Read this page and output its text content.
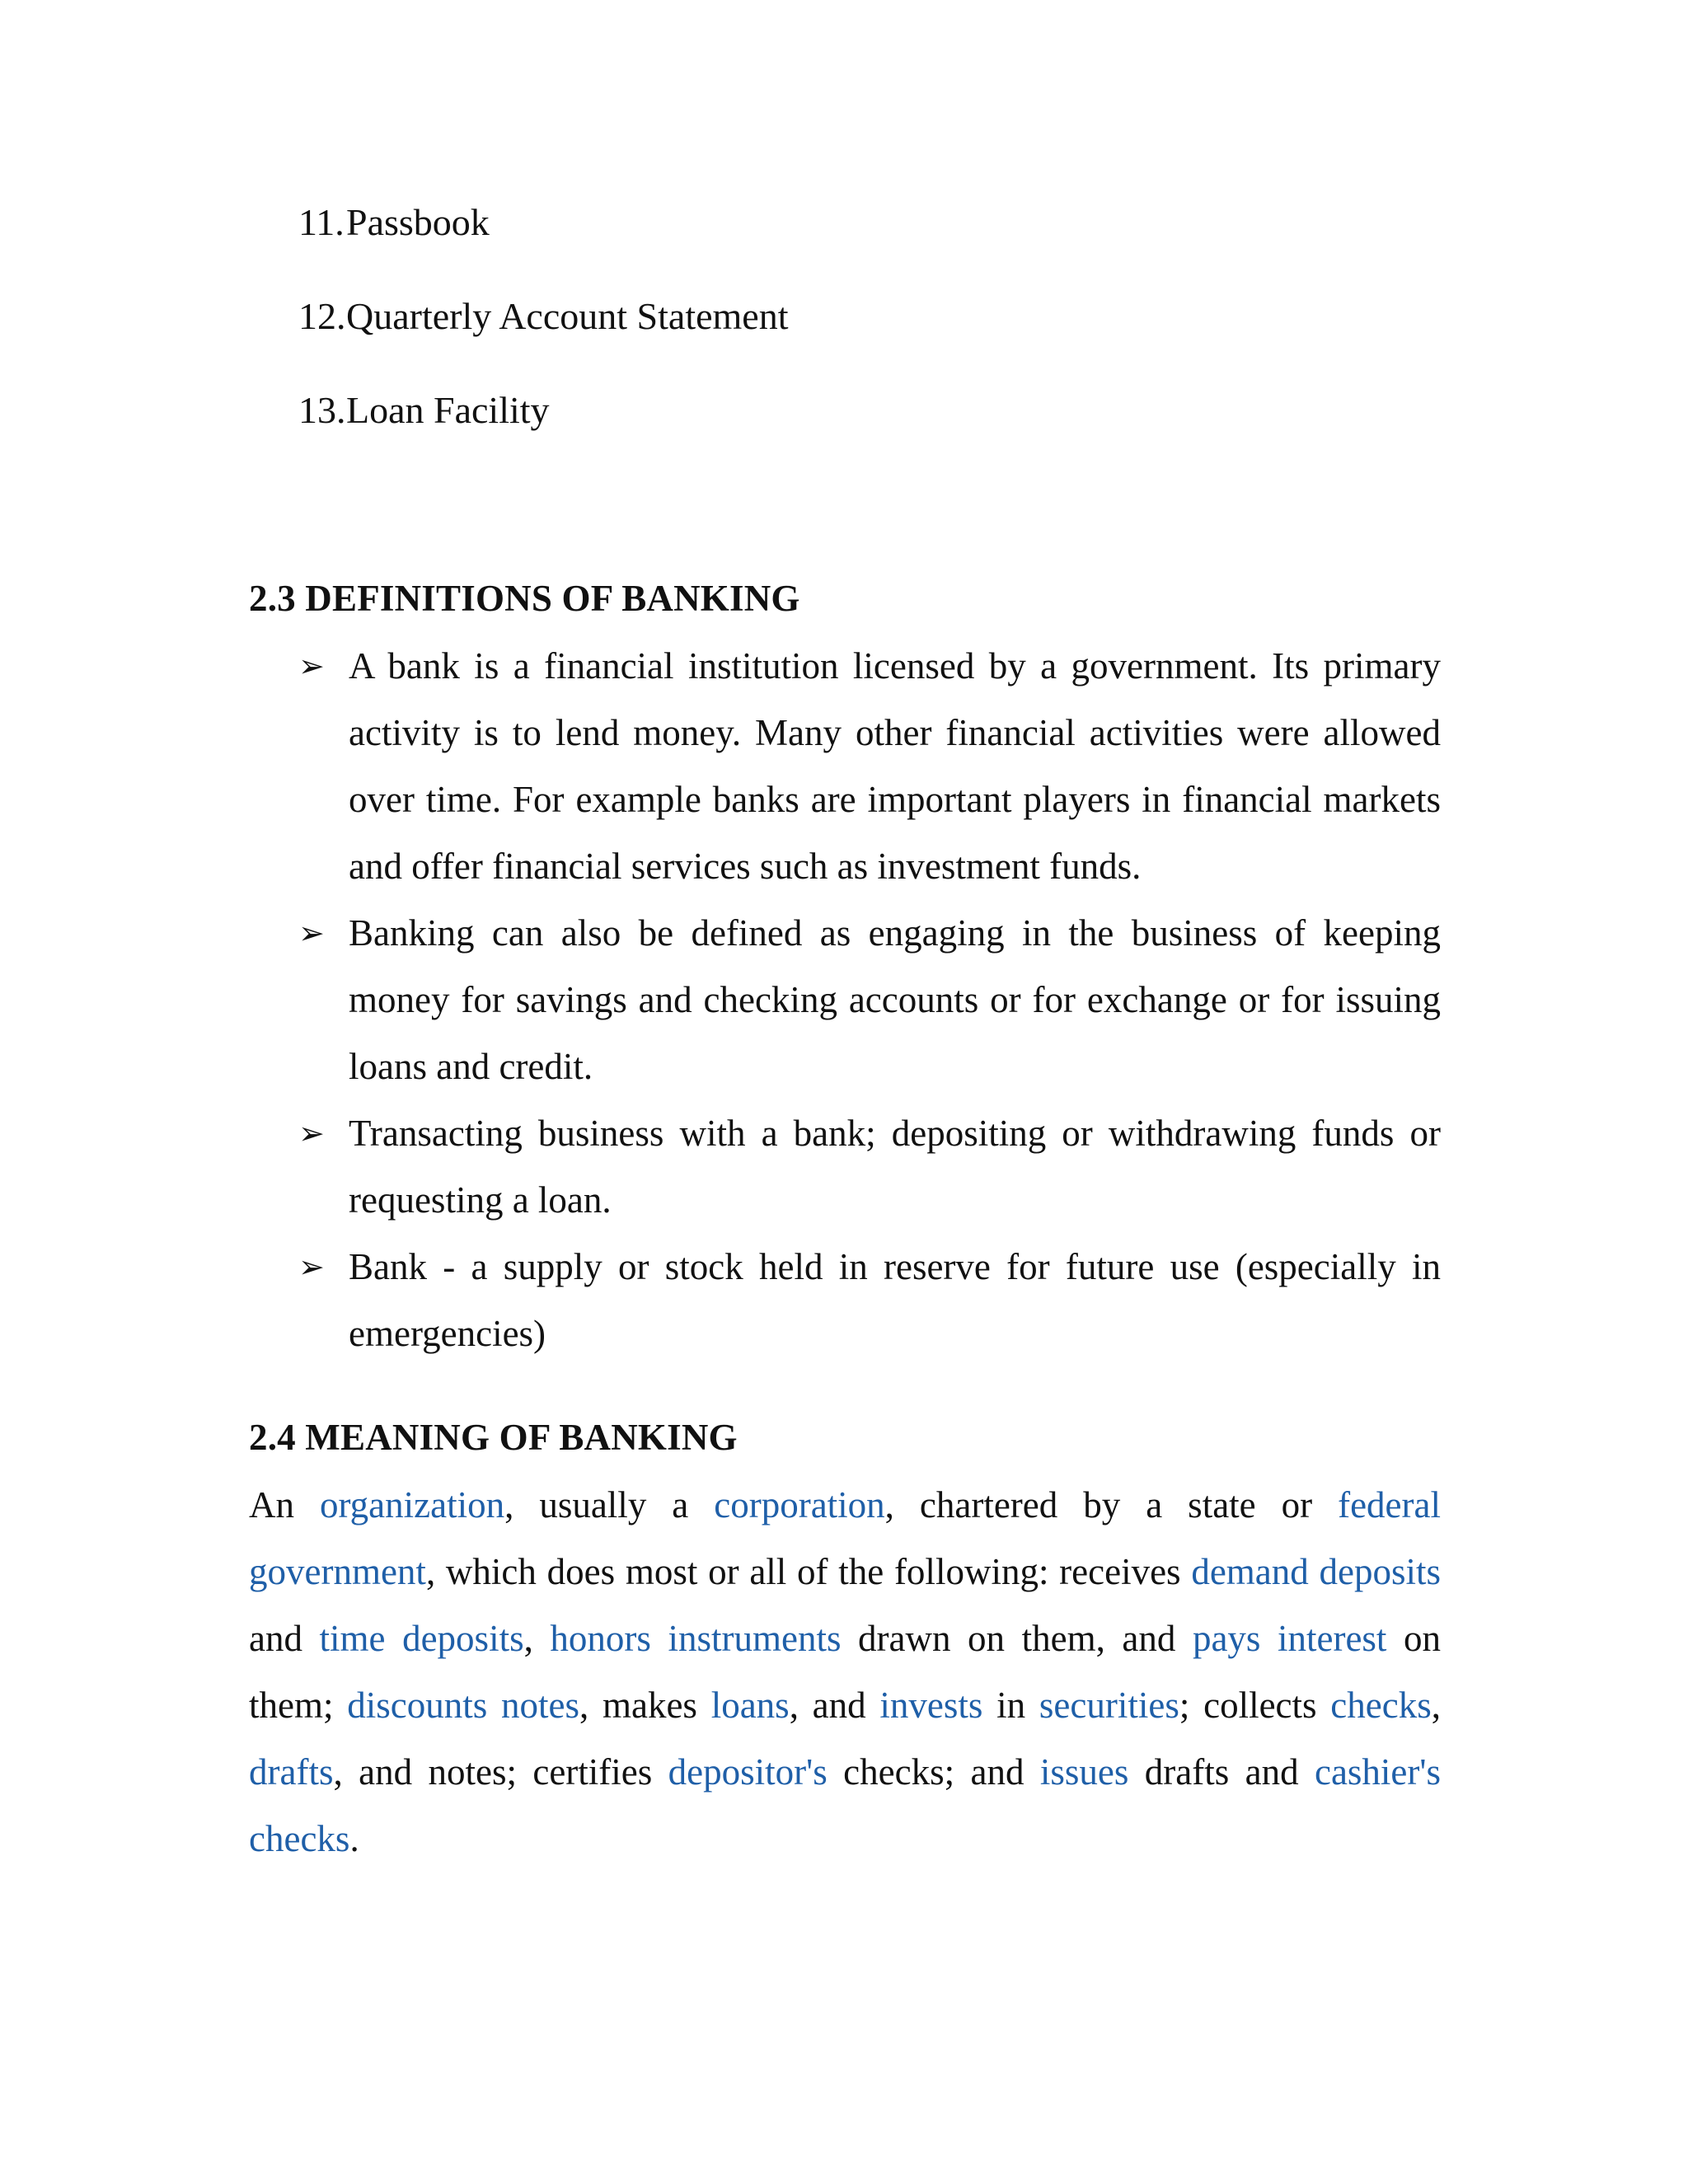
11.Passbook
12.Quarterly Account Statement
13.Loan Facility
2.3 DEFINITIONS OF BANKING
➢ A bank is a financial institution licensed by a government. Its primary activity is to lend money. Many other financial activities were allowed over time. For example banks are important players in financial markets and offer financial services such as investment funds.
➢ Banking can also be defined as engaging in the business of keeping money for savings and checking accounts or for exchange or for issuing loans and credit.
➢ Transacting business with a bank; depositing or withdrawing funds or requesting a loan.
➢ Bank - a supply or stock held in reserve for future use (especially in emergencies)
2.4 MEANING OF BANKING

An organization, usually a corporation, chartered by a state or federal government, which does most or all of the following: receives demand deposits and time deposits, honors instruments drawn on them, and pays interest on them; discounts notes, makes loans, and invests in securities; collects checks, drafts, and notes; certifies depositor's checks; and issues drafts and cashier's checks.
